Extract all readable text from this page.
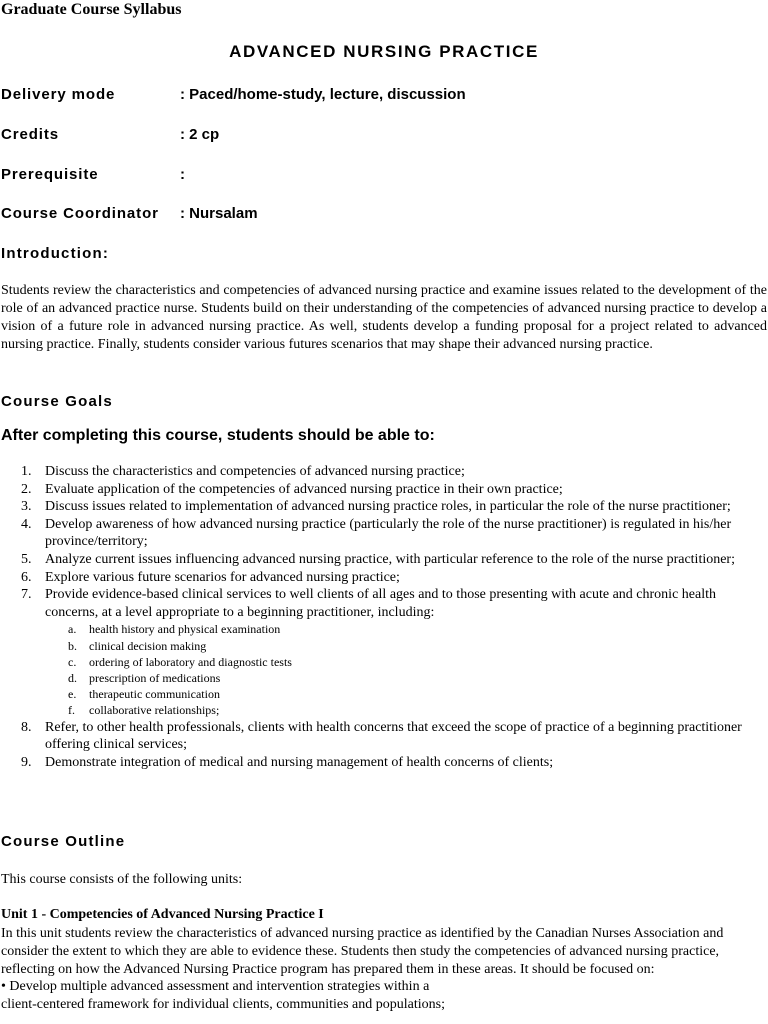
Graduate Course Syllabus
ADVANCED NURSING PRACTICE
Delivery mode	: Paced/home-study, lecture, discussion
Credits	: 2 cp
Prerequisite	:
Course Coordinator : Nursalam
Introduction:
Students review the characteristics and competencies of advanced nursing practice and examine issues related to the development of the role of an advanced practice nurse. Students build on their understanding of the competencies of advanced nursing practice to develop a vision of a future role in advanced nursing practice. As well, students develop a funding proposal for a project related to advanced nursing practice. Finally, students consider various futures scenarios that may shape their advanced nursing practice.
Course Goals
After completing this course, students should be able to:
1. Discuss the characteristics and competencies of advanced nursing practice;
2. Evaluate application of the competencies of advanced nursing practice in their own practice;
3. Discuss issues related to implementation of advanced nursing practice roles, in particular the role of the nurse practitioner;
4. Develop awareness of how advanced nursing practice (particularly the role of the nurse practitioner) is regulated in his/her province/territory;
5. Analyze current issues influencing advanced nursing practice, with particular reference to the role of the nurse practitioner;
6. Explore various future scenarios for advanced nursing practice;
7. Provide evidence-based clinical services to well clients of all ages and to those presenting with acute and chronic health concerns, at a level appropriate to a beginning practitioner, including:
a. health history and physical examination
b. clinical decision making
c. ordering of laboratory and diagnostic tests
d. prescription of medications
e. therapeutic communication
f. collaborative relationships;
8. Refer, to other health professionals, clients with health concerns that exceed the scope of practice of a beginning practitioner offering clinical services;
9. Demonstrate integration of medical and nursing management of health concerns of clients;
Course Outline
This course consists of the following units:
Unit 1 - Competencies of Advanced Nursing Practice I
In this unit students review the characteristics of advanced nursing practice as identified by the Canadian Nurses Association and consider the extent to which they are able to evidence these. Students then study the competencies of advanced nursing practice, reflecting on how the Advanced Nursing Practice program has prepared them in these areas. It should be focused on:
• Develop multiple advanced assessment and intervention strategies within a
client-centered framework for individual clients, communities and populations;
